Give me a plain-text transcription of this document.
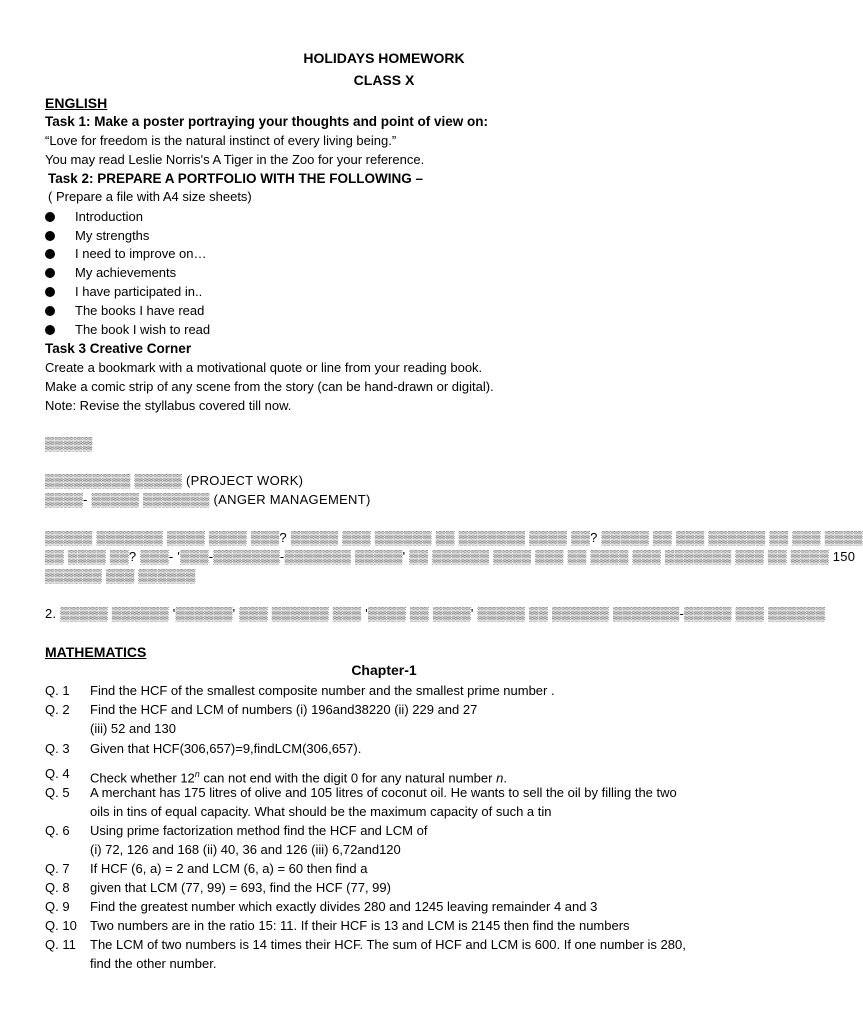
HOLIDAYS HOMEWORK
CLASS X
ENGLISH
Task 1: Make a poster portraying your thoughts and point of view on:
“Love for freedom is the natural instinct of every living being.”
You may read Leslie Norris's A Tiger in the Zoo for your reference.
Task 2: PREPARE A PORTFOLIO WITH THE FOLLOWING –
( Prepare a file with A4 size sheets)
Introduction
My strengths
I need to improve on…
My achievements
I have participated in..
The books I have read
The book I wish to read
Task 3 Creative Corner
Create a bookmark with a motivational quote or line from your reading book.
Make a comic strip of any scene from the story (can be hand-drawn or digital).
Note: Revise the styllabus covered till now.
▒▒▒▒▒
▒▒▒▒▒▒▒▒▒ ▒▒▒▒▒ (PROJECT WORK)
▒▒▒▒- ▒▒▒▒▒ ▒▒▒▒▒▒▒ (ANGER MANAGEMENT)
▒▒▒▒▒ ▒▒▒▒▒▒▒ ▒▒▒▒ ▒▒▒▒ ▒▒▒? ▒▒▒▒▒ ▒▒▒ ▒▒▒▒▒▒ ▒▒ ▒▒▒▒▒▒▒ ▒▒▒▒ ▒▒? ▒▒▒▒▒ ▒▒ ▒▒▒ ▒▒▒▒▒▒ ▒▒ ▒▒▒ ▒▒▒▒
▒▒ ▒▒▒▒ ▒▒? ▒▒▒- '▒▒▒-▒▒▒▒▒▒▒-▒▒▒▒▒▒▒ ▒▒▒▒▒' ▒▒ ▒▒▒▒▒▒ ▒▒▒▒ ▒▒▒ ▒▒ ▒▒▒▒ ▒▒▒ ▒▒▒▒▒▒▒ ▒▒▒ ▒▒ ▒▒▒▒ 150
▒▒▒▒▒▒ ▒▒▒ ▒▒▒▒▒▒
2. ▒▒▒▒▒ ▒▒▒▒▒▒ '▒▒▒▒▒▒' ▒▒▒ ▒▒▒▒▒▒ ▒▒▒ '▒▒▒▒ ▒▒ ▒▒▒▒' ▒▒▒▒▒ ▒▒ ▒▒▒▒▒▒ ▒▒▒▒▒▒▒-▒▒▒▒▒ ▒▒▒ ▒▒▒▒▒▒
MATHEMATICS
Chapter-1
Q. 1 Find the HCF of the smallest composite number and the smallest prime number .
Q. 2 Find the HCF and LCM of numbers (i) 196and38220 (ii) 229 and 27
(iii) 52 and 130
Q. 3 Given that HCF(306,657)=9,findLCM(306,657).
Q. 4 Check whether 12$^n$ can not end with the digit 0 for any natural number n.
Q. 5 A merchant has 175 litres of olive and 105 litres of coconut oil. He wants to sell the oil by filling the two
oils in tins of equal capacity. What should be the maximum capacity of such a tin
Q. 6 Using prime factorization method find the HCF and LCM of
(i) 72, 126 and 168 (ii) 40, 36 and 126 (iii) 6,72and120
Q. 7 If HCF (6, a) = 2 and LCM (6, a) = 60 then find a
Q. 8 given that LCM (77, 99) = 693, find the HCF (77, 99)
Q. 9 Find the greatest number which exactly divides 280 and 1245 leaving remainder 4 and 3
Q. 10 Two numbers are in the ratio 15: 11. If their HCF is 13 and LCM is 2145 then find the numbers
Q. 11 The LCM of two numbers is 14 times their HCF. The sum of HCF and LCM is 600. If one number is 280,
find the other number.
